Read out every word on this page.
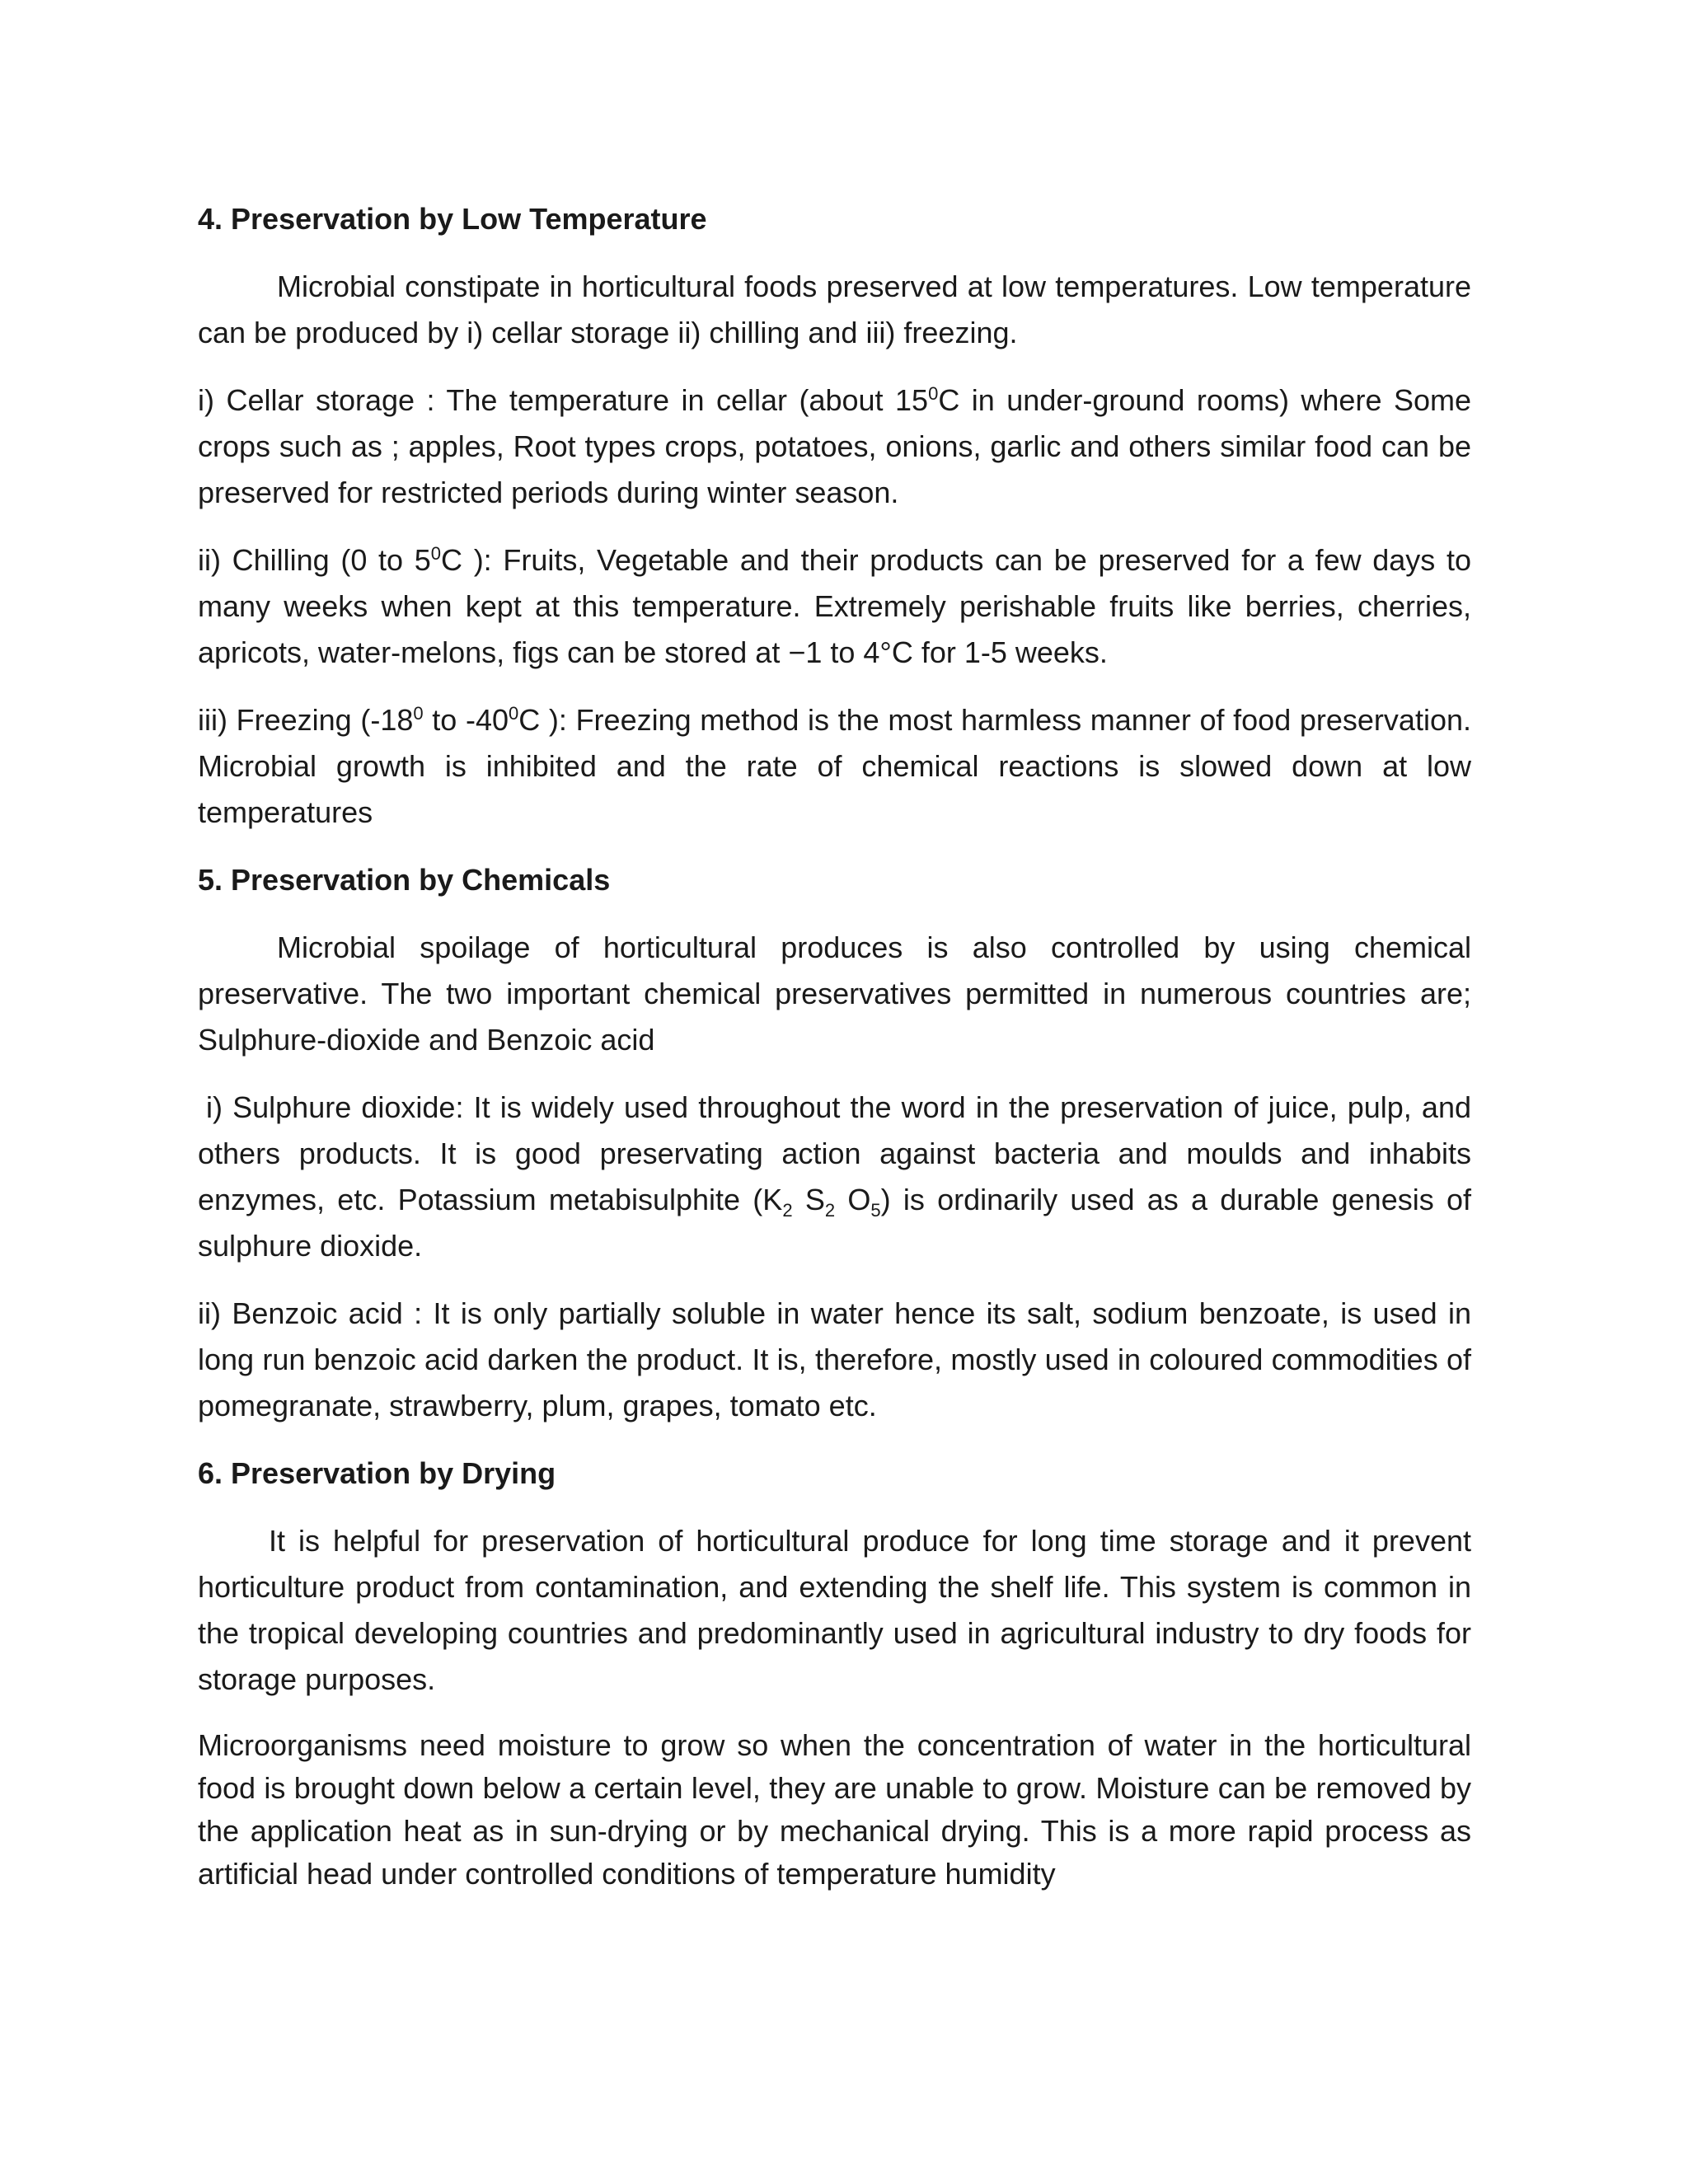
4. Preservation by Low Temperature

Microbial constipate in horticultural foods preserved at low temperatures. Low temperature can be produced by i) cellar storage ii) chilling and iii) freezing.

i) Cellar storage : The temperature in cellar (about $15^0C$ in under-ground rooms) where Some crops such as ; apples, Root types crops, potatoes, onions, garlic and others similar food can be preserved for restricted periods during winter season.

ii) Chilling (0 to $5^0C$ ): Fruits, Vegetable and their products can be preserved for a few days to many weeks when kept at this temperature. Extremely perishable fruits like berries, cherries, apricots, water-melons, figs can be stored at −1 to 4°C for 1-5 weeks.

iii) Freezing ($-18^0$ to $-40^0C$ ): Freezing method is the most harmless manner of food preservation. Microbial growth is inhibited and the rate of chemical reactions is slowed down at low temperatures

5. Preservation by Chemicals

Microbial spoilage of horticultural produces is also controlled by using chemical preservative. The two important chemical preservatives permitted in numerous countries are; Sulphure-dioxide and Benzoic acid

i) Sulphure dioxide: It is widely used throughout the word in the preservation of juice, pulp, and others products. It is good preservating action against bacteria and moulds and inhabits enzymes, etc. Potassium metabisulphite ($K_2$ $S_2$ $O_5$) is ordinarily used as a durable genesis of sulphure dioxide.

ii) Benzoic acid : It is only partially soluble in water hence its salt, sodium benzoate, is used in long run benzoic acid darken the product. It is, therefore, mostly used in coloured commodities of pomegranate, strawberry, plum, grapes, tomato etc.

6. Preservation by Drying

It is helpful for preservation of horticultural produce for long time storage and it prevent horticulture product from contamination, and extending the shelf life. This system is common in the tropical developing countries and predominantly used in agricultural industry to dry foods for storage purposes.

Microorganisms need moisture to grow so when the concentration of water in the horticultural food is brought down below a certain level, they are unable to grow. Moisture can be removed by the application heat as in sun-drying or by mechanical drying. This is a more rapid process as artificial head under controlled conditions of temperature humidity
